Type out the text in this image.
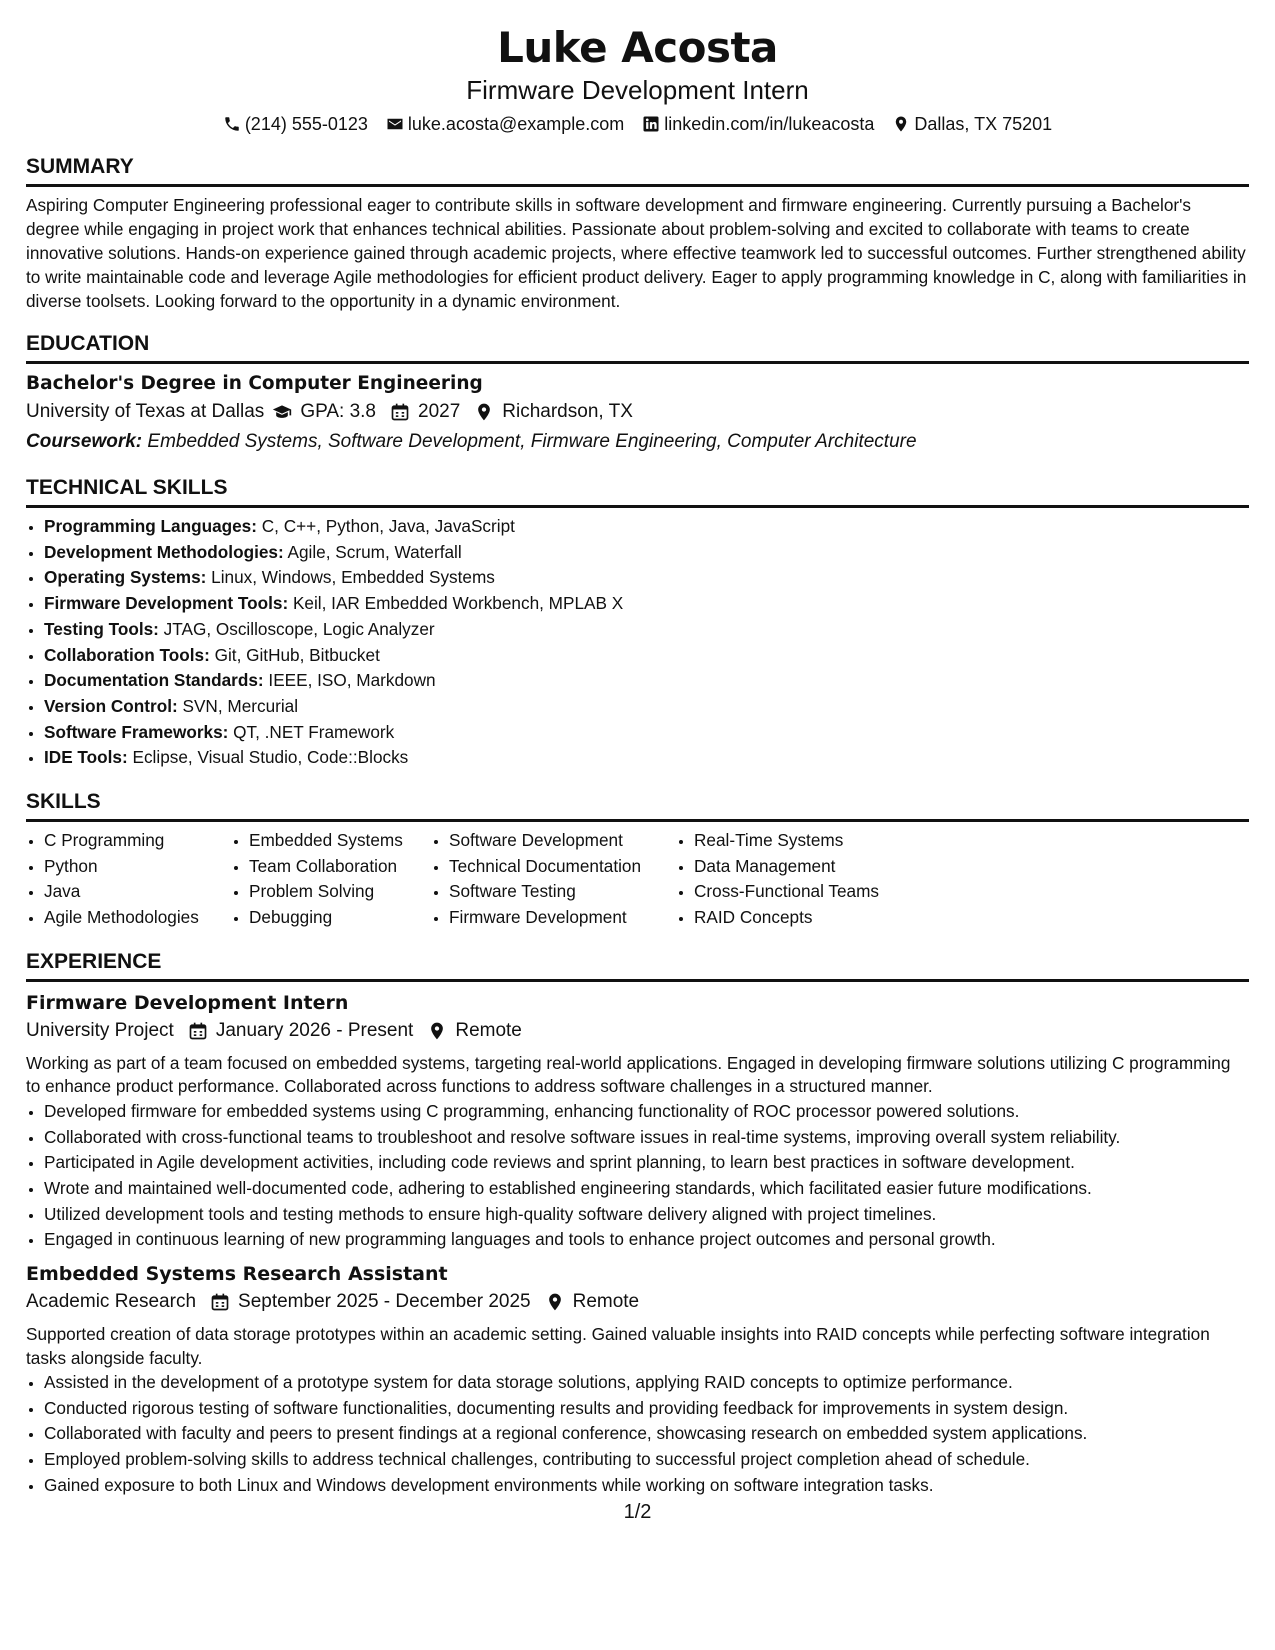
Luke Acosta
Firmware Development Intern
(214) 555-0123 luke.acosta@example.com linkedin.com/in/lukeacosta Dallas, TX 75201
SUMMARY

Aspiring Computer Engineering professional eager to contribute skills in software development and firmware engineering. Currently pursuing a Bachelor's degree while engaging in project work that enhances technical abilities. Passionate about problem-solving and excited to collaborate with teams to create innovative solutions. Hands-on experience gained through academic projects, where effective teamwork led to successful outcomes. Further strengthened ability to write maintainable code and leverage Agile methodologies for efficient product delivery. Eager to apply programming knowledge in C, along with familiarities in diverse toolsets. Looking forward to the opportunity in a dynamic environment.

EDUCATION
Bachelor's Degree in Computer Engineering
University of Texas at Dallas GPA: 3.8 2027 Richardson, TX
Coursework: Embedded Systems, Software Development, Firmware Engineering, Computer Architecture
TECHNICAL SKILLS
• Programming Languages: C, C++, Python, Java, JavaScript
• Development Methodologies: Agile, Scrum, Waterfall
• Operating Systems: Linux, Windows, Embedded Systems
• Firmware Development Tools: Keil, IAR Embedded Workbench, MPLAB X
• Testing Tools: JTAG, Oscilloscope, Logic Analyzer
• Collaboration Tools: Git, GitHub, Bitbucket
• Documentation Standards: IEEE, ISO, Markdown
• Version Control: SVN, Mercurial
• Software Frameworks: QT, .NET Framework
• IDE Tools: Eclipse, Visual Studio, Code::Blocks
SKILLS
• C Programming
• Python
• Java
• Agile Methodologies
• Embedded Systems
• Team Collaboration
• Problem Solving
• Debugging
• Software Development
• Technical Documentation
• Software Testing
• Firmware Development
• Real-Time Systems
• Data Management
• Cross-Functional Teams
• RAID Concepts
EXPERIENCE
Firmware Development Intern
University Project January 2026 - Present Remote
Working as part of a team focused on embedded systems, targeting real-world applications. Engaged in developing firmware solutions utilizing C programming to enhance product performance. Collaborated across functions to address software challenges in a structured manner.
• Developed firmware for embedded systems using C programming, enhancing functionality of ROC processor powered solutions.
• Collaborated with cross-functional teams to troubleshoot and resolve software issues in real-time systems, improving overall system reliability.
• Participated in Agile development activities, including code reviews and sprint planning, to learn best practices in software development.
• Wrote and maintained well-documented code, adhering to established engineering standards, which facilitated easier future modifications.
• Utilized development tools and testing methods to ensure high-quality software delivery aligned with project timelines.
• Engaged in continuous learning of new programming languages and tools to enhance project outcomes and personal growth.
Embedded Systems Research Assistant
Academic Research September 2025 - December 2025 Remote
Supported creation of data storage prototypes within an academic setting. Gained valuable insights into RAID concepts while perfecting software integration tasks alongside faculty.
• Assisted in the development of a prototype system for data storage solutions, applying RAID concepts to optimize performance.
• Conducted rigorous testing of software functionalities, documenting results and providing feedback for improvements in system design.
• Collaborated with faculty and peers to present findings at a regional conference, showcasing research on embedded system applications.
• Employed problem-solving skills to address technical challenges, contributing to successful project completion ahead of schedule.
• Gained exposure to both Linux and Windows development environments while working on software integration tasks.
1/2
